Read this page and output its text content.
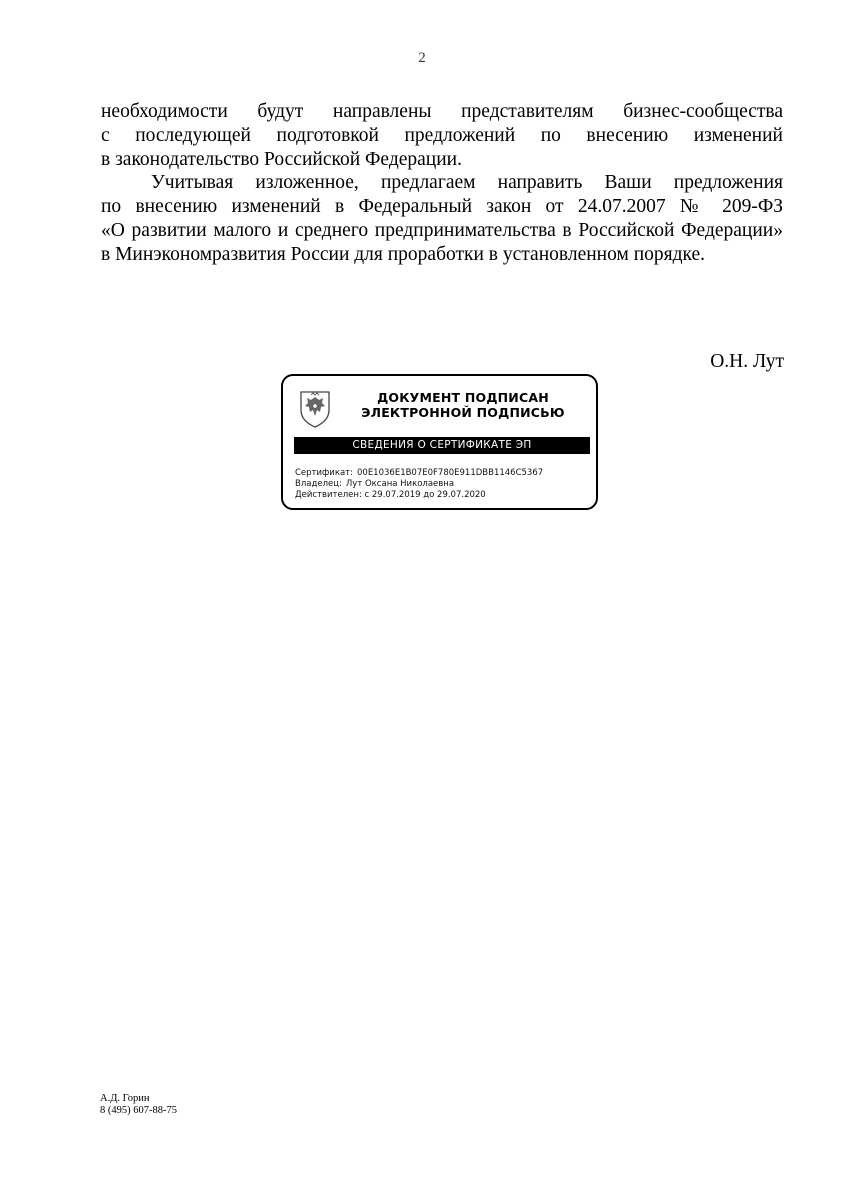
2
необходимости будут направлены представителям бизнес-сообщества
с последующей подготовкой предложений по внесению изменений
в законодательство Российской Федерации.
Учитывая изложенное, предлагаем направить Ваши предложения
по внесению изменений в Федеральный закон от 24.07.2007 № 209-ФЗ
«О развитии малого и среднего предпринимательства в Российской Федерации»
в Минэкономразвития России для проработки в установленном порядке.
О.Н. Лут
ДОКУМЕНТ ПОДПИСАН
ЭЛЕКТРОННОЙ ПОДПИСЬЮ
СВЕДЕНИЯ О СЕРТИФИКАТЕ ЭП
Сертификат: 00E1036E1B07E0F780E911DBB1146C5367
Владелец: Лут Оксана Николаевна
Действителен: с 29.07.2019 до 29.07.2020
А.Д. Горин
8 (495) 607-88-75
